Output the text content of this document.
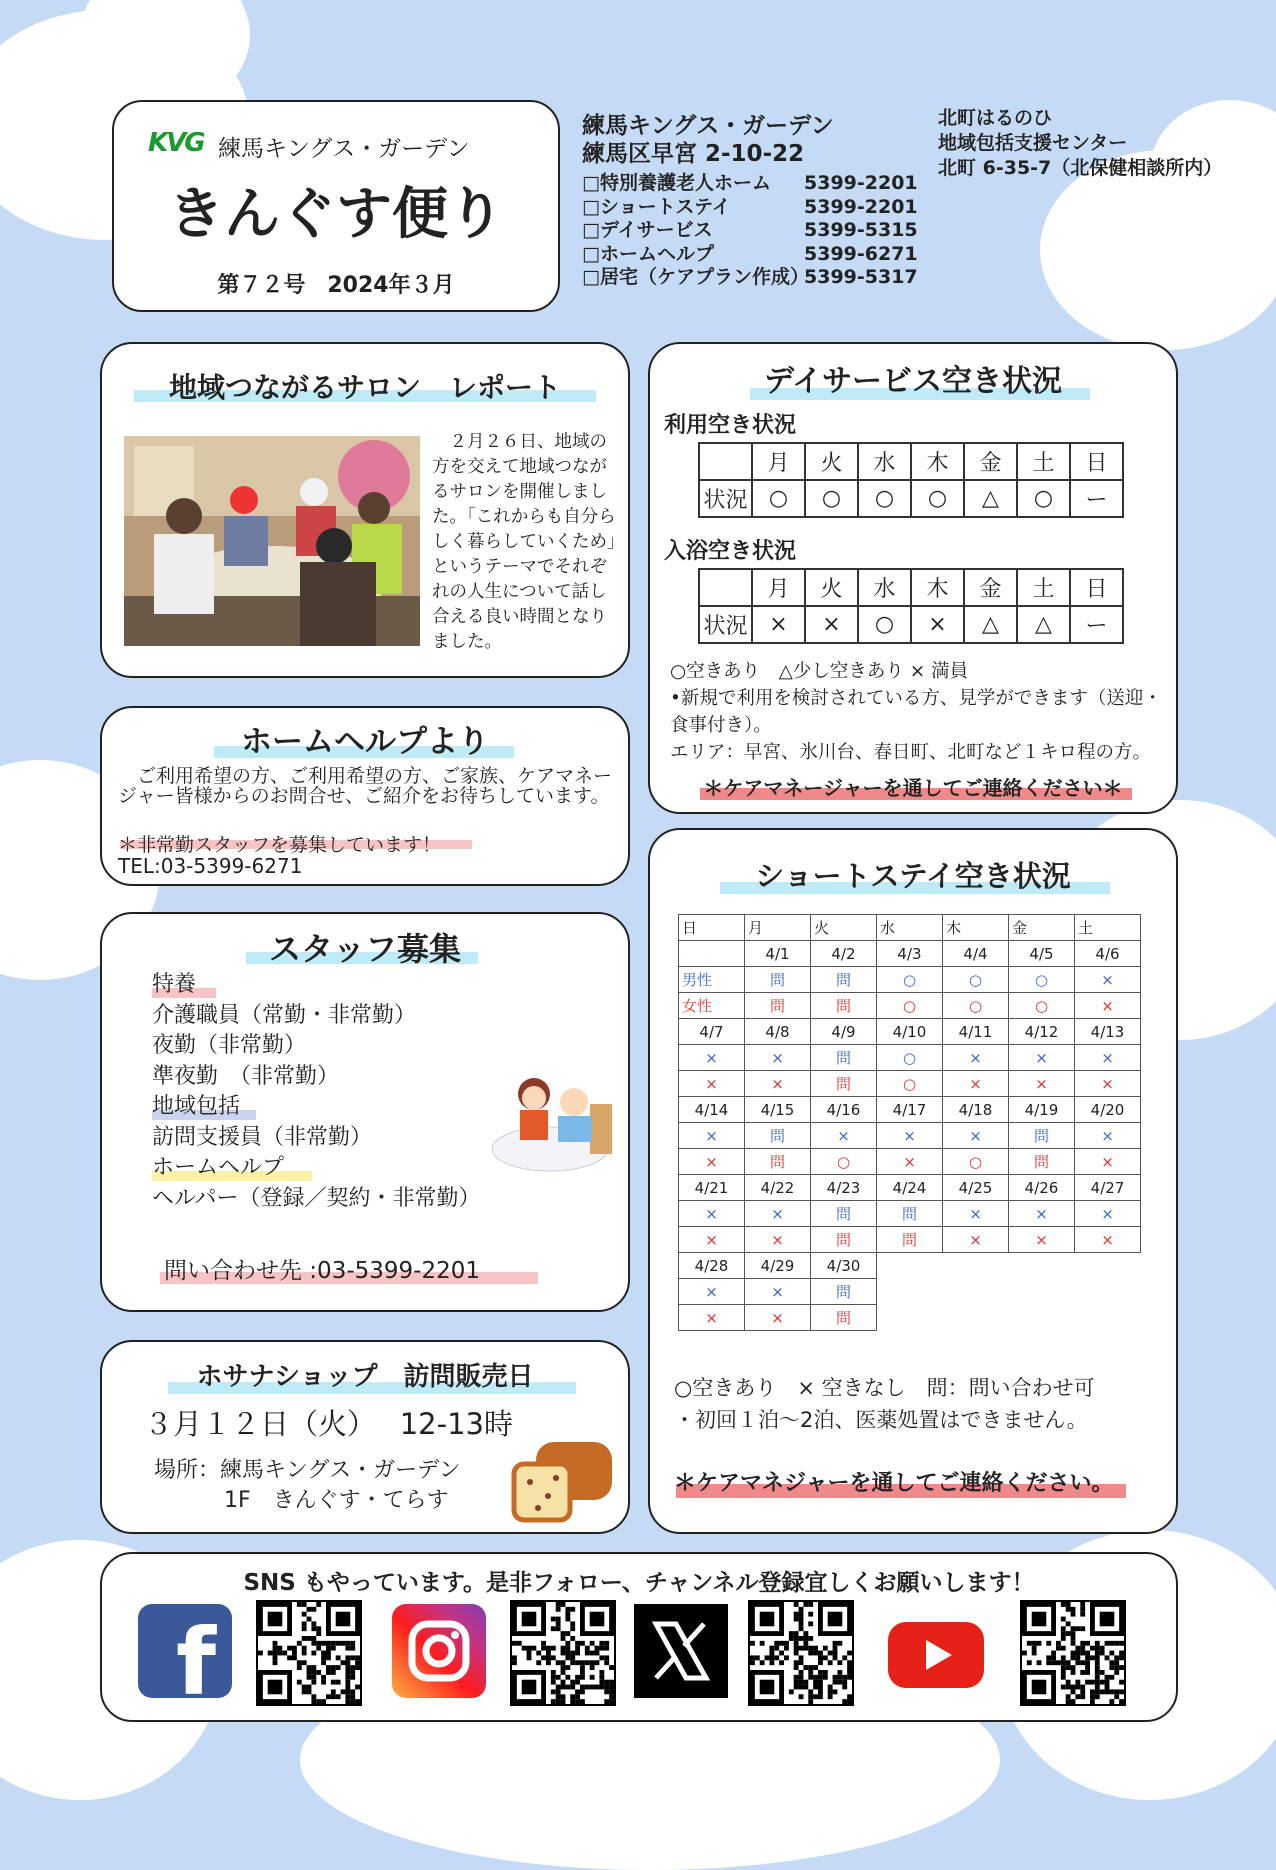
KVG 練馬キングス・ガーデン
きんぐす便り
第７２号　2024年３月
練馬キングス・ガーデン
練馬区早宮 2-10-22
□特別養護老人ホーム	5399-2201
□ショートステイ	5399-2201
□デイサービス	5399-5315
□ホームヘルプ	5399-6271
□居宅（ケアプラン作成）
5399-5317
北町はるのひ
地域包括支援センター
北町 6-35-7（北保健相談所内）
地域つながるサロン　レポート
　２月２６日、地域の方を交えて地域つながるサロンを開催しました。「これからも自分らしく暮らしていくため」というテーマでそれぞれの人生について話し合える良い時間となりました。
ホームヘルプより
　ご利用希望の方、ご利用希望の方、ご家族、ケアマネージャー皆様からのお問合せ、ご紹介をお待ちしています。
＊非常勤スタッフを募集しています！
TEL:03-5399-6271
スタッフ募集
特養
介護職員（常勤・非常勤）
夜勤（非常勤）
準夜勤　（非常勤）
地域包括
訪問支援員（非常勤）
ホームヘルプ
ヘルパー（登録／契約・非常勤）
問い合わせ先 :03-5399-2201
ホサナショップ　訪問販売日
３月１２日（火）　 12-13時
場所：練馬キングス・ガーデン
1F　きんぐす・てらす
デイサービス空き状況
利用空き状況
	月	火	水	木	金	土	日
状況	○	○	○	○	△	○	ー
入浴空き状況
	月	火	水	木	金	土	日
状況	×	×	○	×	△	△	ー
○空きあり　△少し空きあり × 満員
•新規で利用を検討されている方、見学ができます（送迎・食事付き）。
エリア：早宮、氷川台、春日町、北町など１キロ程の方。
＊ケアマネージャーを通してご連絡ください＊
ショートステイ空き状況
日	月	火	水	木	金	土
	4/1	4/2	4/3	4/4	4/5	4/6
男性	問	問	○	○	○	×
女性	問	問	○	○	○	×
4/7	4/8	4/9	4/10	4/11	4/12	4/13
×	×	問	○	×	×	×
×	×	問	○	×	×	×
4/14	4/15	4/16	4/17	4/18	4/19	4/20
×	問	×	×	×	問	×
×	問	○	×	○	問	×
4/21	4/22	4/23	4/24	4/25	4/26	4/27
×	×	問	問	×	×	×
×	×	問	問	×	×	×
4/28	4/29	4/30				
×	×	問				
×	×	問				
○空きあり　× 空きなし　問：問い合わせ可
・初回１泊～2泊、医薬処置はできません。
＊ケアマネジャーを通してご連絡ください。
SNS もやっています。是非フォロー、チャンネル登録宜しくお願いします！
f
